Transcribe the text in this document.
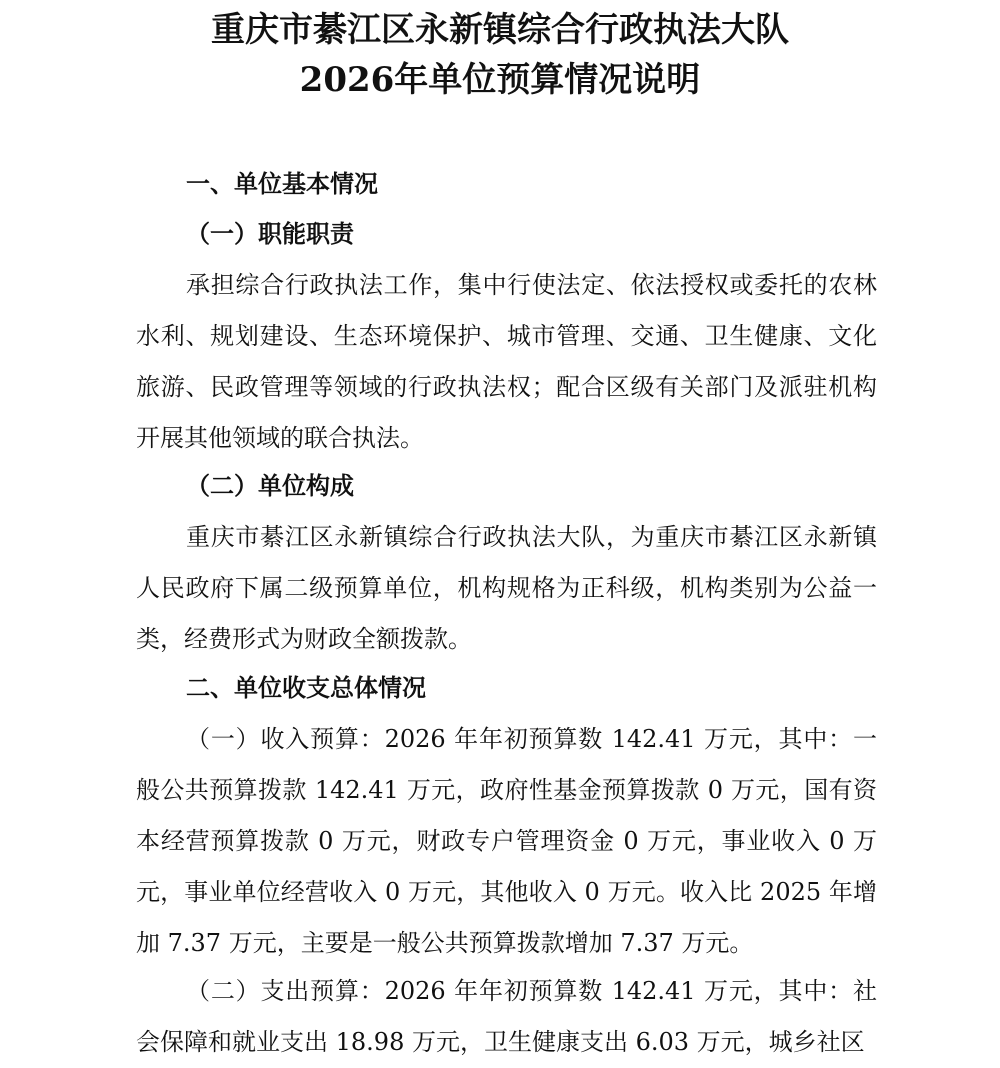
重庆市綦江区永新镇综合行政执法大队
2026年单位预算情况说明
一、单位基本情况
（一）职能职责

承担综合行政执法工作，集中行使法定、依法授权或委托的农林水利、规划建设、生态环境保护、城市管理、交通、卫生健康、文化旅游、民政管理等领域的行政执法权；配合区级有关部门及派驻机构开展其他领域的联合执法。

（二）单位构成

重庆市綦江区永新镇综合行政执法大队，为重庆市綦江区永新镇人民政府下属二级预算单位，机构规格为正科级，机构类别为公益一类，经费形式为财政全额拨款。

二、单位收支总体情况

（一）收入预算：2026 年年初预算数 142.41 万元，其中：一般公共预算拨款 142.41 万元，政府性基金预算拨款 0 万元，国有资本经营预算拨款 0 万元，财政专户管理资金 0 万元，事业收入 0 万元，事业单位经营收入 0 万元，其他收入 0 万元。收入比 2025 年增加 7.37 万元，主要是一般公共预算拨款增加 7.37 万元。

（二）支出预算：2026 年年初预算数 142.41 万元，其中：社会保障和就业支出 18.98 万元，卫生健康支出 6.03 万元，城乡社区
